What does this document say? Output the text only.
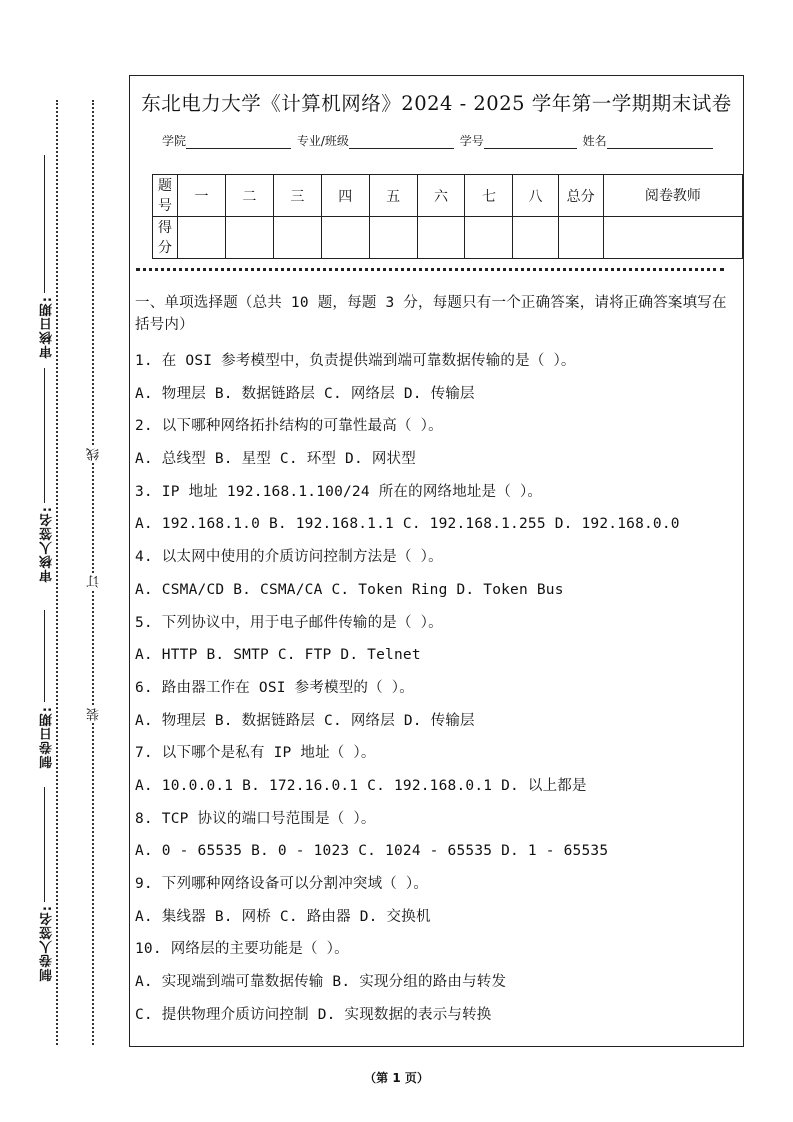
审核日期:
审核人签名:
制卷日期:
制卷人签名:
线
订
装
东北电力大学《计算机网络》2024 - 2025 学年第一学期期末试卷
学院	专业/班级	学号	姓名
题号	一	二	三	四	五	六	七	八	总分	阅卷教师
得分										
一、单项选择题（总共 10 题，每题 3 分，每题只有一个正确答案，请将正确答案填写在括号内）
1. 在 OSI 参考模型中，负责提供端到端可靠数据传输的是（ ）。
A. 物理层 B. 数据链路层 C. 网络层 D. 传输层
2. 以下哪种网络拓扑结构的可靠性最高（ ）。
A. 总线型 B. 星型 C. 环型 D. 网状型
3. IP 地址 192.168.1.100/24 所在的网络地址是（ ）。
A. 192.168.1.0 B. 192.168.1.1 C. 192.168.1.255 D. 192.168.0.0
4. 以太网中使用的介质访问控制方法是（ ）。
A. CSMA/CD B. CSMA/CA C. Token Ring D. Token Bus
5. 下列协议中，用于电子邮件传输的是（ ）。
A. HTTP B. SMTP C. FTP D. Telnet
6. 路由器工作在 OSI 参考模型的（ ）。
A. 物理层 B. 数据链路层 C. 网络层 D. 传输层
7. 以下哪个是私有 IP 地址（ ）。
A. 10.0.0.1 B. 172.16.0.1 C. 192.168.0.1 D. 以上都是
8. TCP 协议的端口号范围是（ ）。
A. 0 - 65535 B. 0 - 1023 C. 1024 - 65535 D. 1 - 65535
9. 下列哪种网络设备可以分割冲突域（ ）。
A. 集线器 B. 网桥 C. 路由器 D. 交换机
10. 网络层的主要功能是（ ）。
A. 实现端到端可靠数据传输 B. 实现分组的路由与转发
C. 提供物理介质访问控制 D. 实现数据的表示与转换
（第 1 页）
